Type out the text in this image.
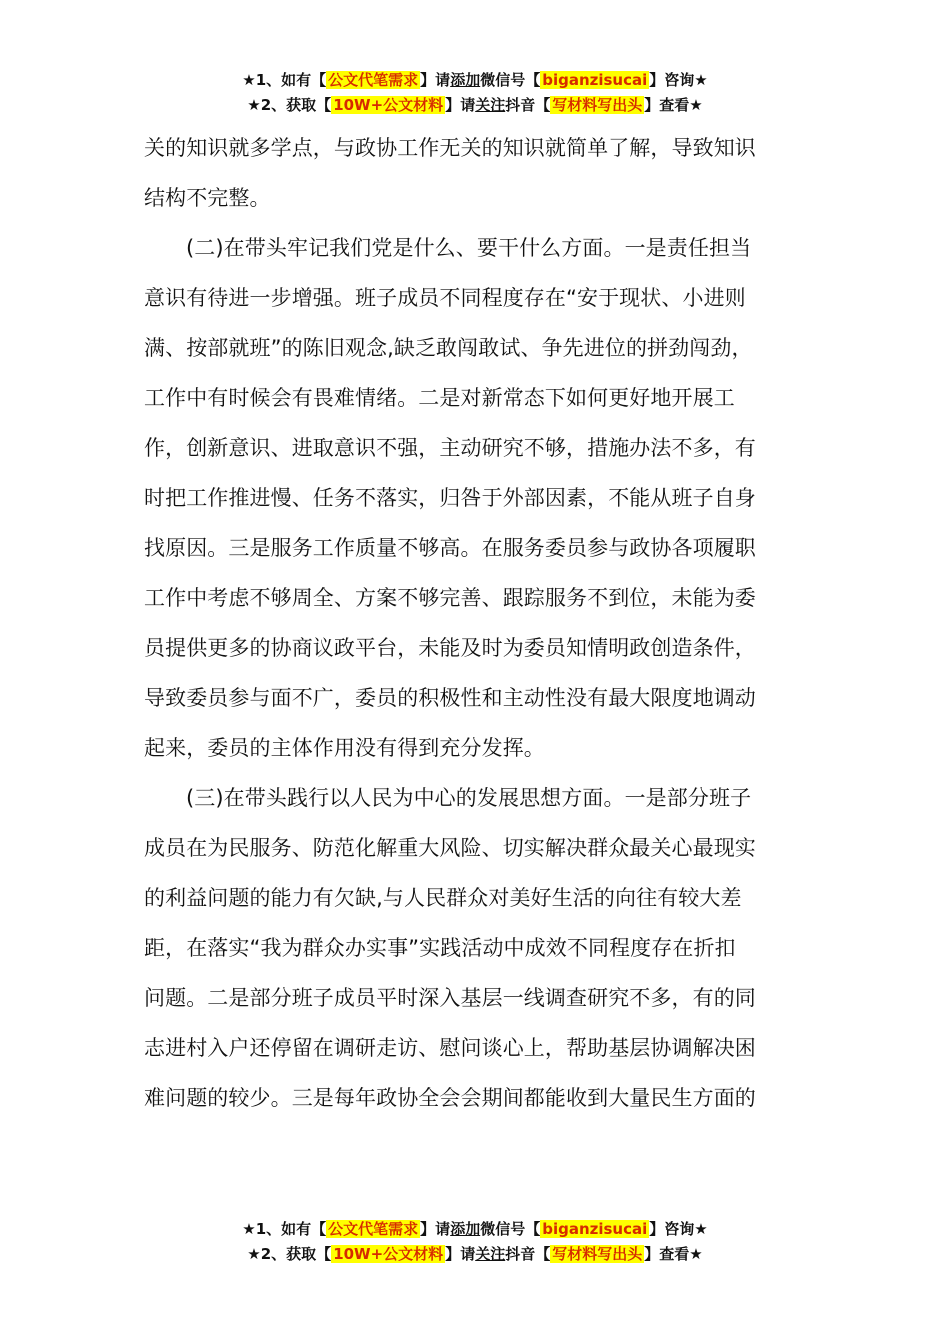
★1、如有【 公文代笔需求 】请添加微信号【 biganzisucai 】咨询★
★2、获取【 10W+公文材料 】请关注抖音【 写材料写出头 】查看★

关的知识就多学点，与政协工作无关的知识就简单了解，导致知识
结构不完整。

(二)在带头牢记我们党是什么、要干什么方面。一是责任担当
意识有待进一步增强。班子成员不同程度存在“安于现状、小进则
满、按部就班”的陈旧观念,缺乏敢闯敢试、争先进位的拼劲闯劲，
工作中有时候会有畏难情绪。二是对新常态下如何更好地开展工
作，创新意识、进取意识不强，主动研究不够，措施办法不多，有
时把工作推进慢、任务不落实，归咎于外部因素，不能从班子自身
找原因。三是服务工作质量不够高。在服务委员参与政协各项履职
工作中考虑不够周全、方案不够完善、跟踪服务不到位，未能为委
员提供更多的协商议政平台，未能及时为委员知情明政创造条件，
导致委员参与面不广，委员的积极性和主动性没有最大限度地调动
起来，委员的主体作用没有得到充分发挥。

(三)在带头践行以人民为中心的发展思想方面。一是部分班子
成员在为民服务、防范化解重大风险、切实解决群众最关心最现实
的利益问题的能力有欠缺,与人民群众对美好生活的向往有较大差
距，在落实“我为群众办实事”实践活动中成效不同程度存在折扣
问题。二是部分班子成员平时深入基层一线调查研究不多，有的同
志进村入户还停留在调研走访、慰问谈心上，帮助基层协调解决困
难问题的较少。三是每年政协全会会期间都能收到大量民生方面的

★1、如有【 公文代笔需求 】请添加微信号【 biganzisucai 】咨询★
★2、获取【 10W+公文材料 】请关注抖音【 写材料写出头 】查看★
